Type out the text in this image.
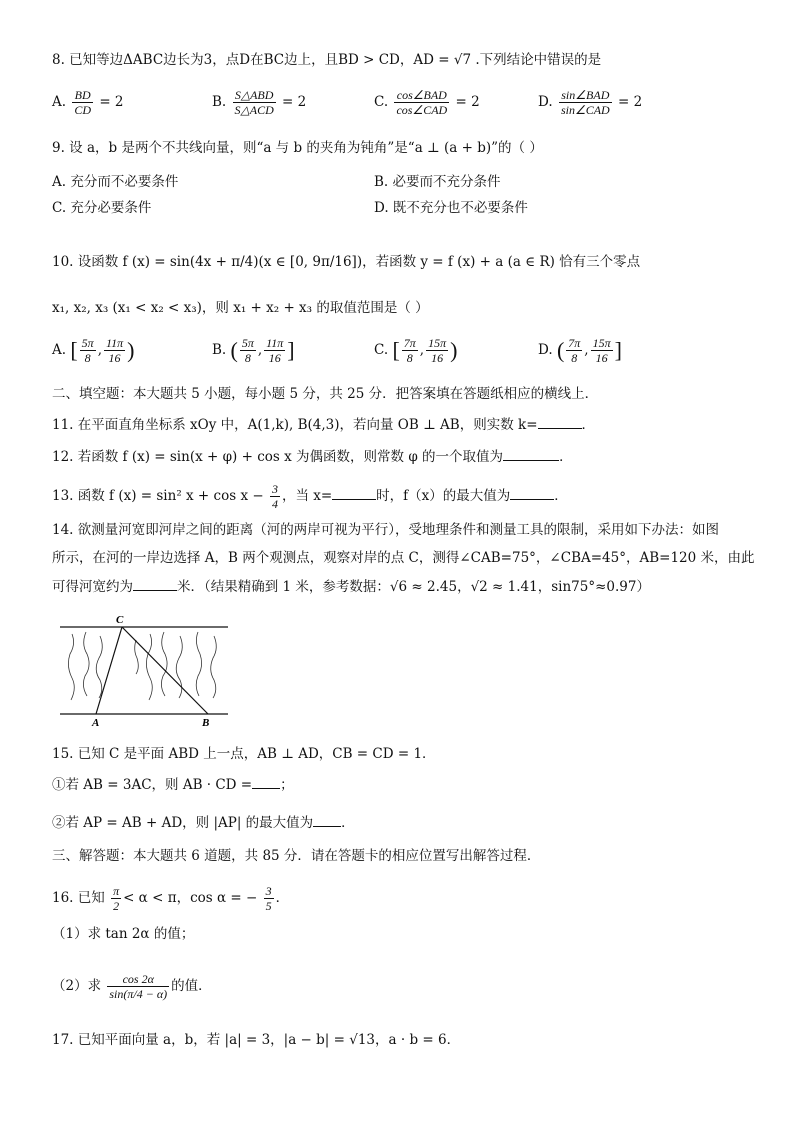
8. 已知等边ΔABC边长为3，点D在BC边上，且BD > CD，AD = √7 .下列结论中错误的是
A. $\frac{BD}{CD} = 2$	B. $\frac{\text{S△ABD}}{\text{S△ACD}} = 2$	C. $\frac{\text{cos∠BAD}}{\text{cos∠CAD}} = 2$	D. $\frac{\text{sin∠BAD}}{\text{sin∠CAD}} = 2$
9. 设 a，b 是两个不共线向量，则“a 与 b 的夹角为钝角”是“a ⊥ (a + b)”的（ ）
A. 充分而不必要条件	B. 必要而不充分条件
C. 充分必要条件	D. 既不充分也不必要条件
10. 设函数 f (x) = sin(4x + π/4)(x ∈ [0, 9π/16])，若函数 y = f (x) + a (a ∈ R) 恰有三个零点
x₁, x₂, x₃ (x₁ < x₂ < x₃)，则 x₁ + x₂ + x₃ 的取值范围是（ ）
A. [ $\frac{5\pi}{8}$ , $\frac{11\pi}{16}$ )	B. ( $\frac{5\pi}{8}$ , $\frac{11\pi}{16}$ ]	C. [ $\frac{7\pi}{8}$ , $\frac{15\pi}{16}$ )	D. ( $\frac{7\pi}{8}$ , $\frac{15\pi}{16}$ ]
二、填空题：本大题共 5 小题，每小题 5 分，共 25 分．把答案填在答题纸相应的横线上．
11. 在平面直角坐标系 xOy 中，A(1,k), B(4,3)，若向量 OB ⊥ AB，则实数 k=	．
12. 若函数 f (x) = sin(x + φ) + cos x 为偶函数，则常数 φ 的一个取值为	．
13. 函数 f (x) = sin² $x + \cos x - \frac{3}{4}$ ，当 x=	时，f（x）的最大值为	．
14. 欲测量河宽即河岸之间的距离（河的两岸可视为平行），受地理条件和测量工具的限制，采用如下办法：如图
所示，在河的一岸边选择 A，B 两个观测点，观察对岸的点 C，测得∠CAB=75°，∠CBA=45°，AB=120 米，由此
可得河宽约为	米．（结果精确到 1 米，参考数据：√6 ≈ 2.45，√2 ≈ 1.41，sin75°≈0.97）
C
A	B
15. 已知 C 是平面 ABD 上一点，AB ⊥ AD，CB = CD = 1．
①若 AB = 3AC，则 AB · CD = ；
②若 AP = AB + AD，则 |AP| 的最大值为 ．
三、解答题：本大题共 6 道题，共 85 分．请在答题卡的相应位置写出解答过程．
16. 已知 $\frac{\pi}{2} < \alpha < \pi$，cos α = − $\frac{3}{5}$ ．
（1）求 tan 2α 的值；
（2）求 $\frac{\cos 2\alpha}{\sin(\pi/4 - \alpha)}$ 的值．
17. 已知平面向量 a，b，若 |a| = 3，|a − b| = √13，a · b = 6．
